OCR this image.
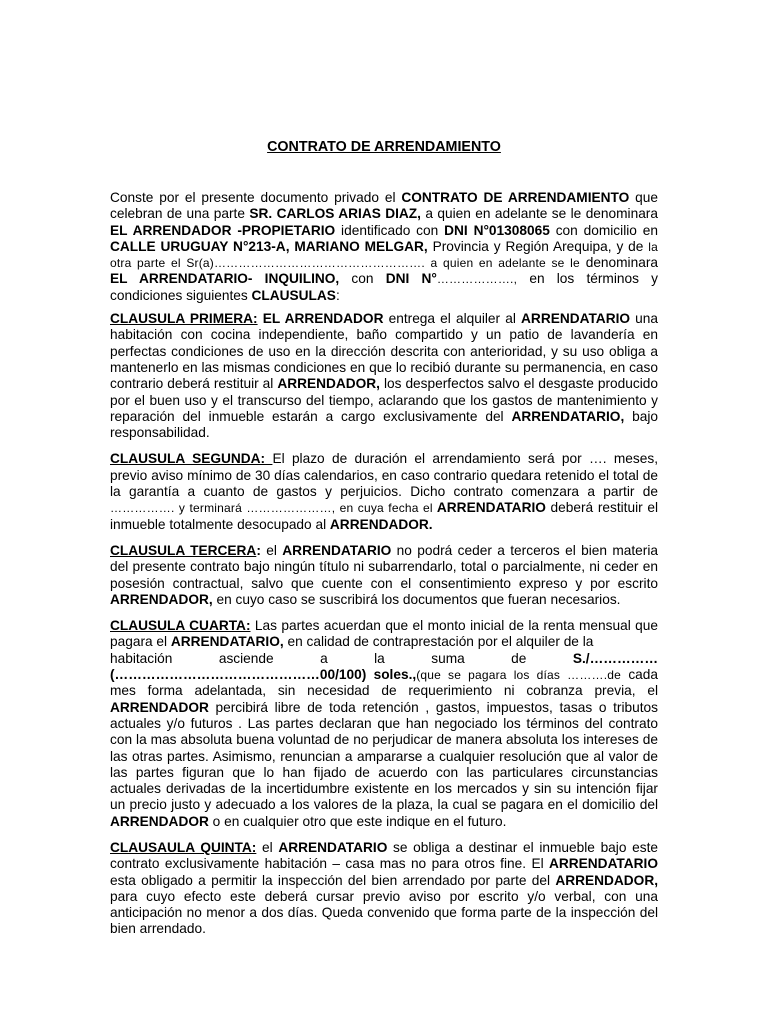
CONTRATO DE ARRENDAMIENTO

Conste por el presente documento privado el CONTRATO DE ARRENDAMIENTO que celebran de una parte SR. CARLOS ARIAS DIAZ, a quien en adelante se le denominara EL ARRENDADOR -PROPIETARIO identificado con DNI N°01308065 con domicilio en CALLE URUGUAY N°213-A, MARIANO MELGAR, Provincia y Región Arequipa, y de la otra parte el Sr(a)……………………………………………. a quien en adelante se le denominara EL ARRENDATARIO- INQUILINO, con DNI N°………………., en los términos y condiciones siguientes CLAUSULAS:

CLAUSULA PRIMERA: EL ARRENDADOR entrega el alquiler al ARRENDATARIO una habitación con cocina independiente, baño compartido y un patio de lavandería en perfectas condiciones de uso en la dirección descrita con anterioridad, y su uso obliga a mantenerlo en las mismas condiciones en que lo recibió durante su permanencia, en caso contrario deberá restituir al ARRENDADOR, los desperfectos salvo el desgaste producido por el buen uso y el transcurso del tiempo, aclarando que los gastos de mantenimiento y reparación del inmueble estarán a cargo exclusivamente del ARRENDATARIO, bajo responsabilidad.

CLAUSULA SEGUNDA: El plazo de duración el arrendamiento será por …. meses, previo aviso mínimo de 30 días calendarios, en caso contrario quedara retenido el total de la garantía a cuanto de gastos y perjuicios. Dicho contrato comenzara a partir de ……………. y terminará …………………, en cuya fecha el ARRENDATARIO deberá restituir el inmueble totalmente desocupado al ARRENDADOR.

CLAUSULA TERCERA: el ARRENDATARIO no podrá ceder a terceros el bien materia del presente contrato bajo ningún título ni subarrendarlo, total o parcialmente, ni ceder en posesión contractual, salvo que cuente con el consentimiento expreso y por escrito ARRENDADOR, en cuyo caso se suscribirá los documentos que fueran necesarios.

CLAUSULA CUARTA: Las partes acuerdan que el monto inicial de la renta mensual que pagara el ARRENDATARIO, en calidad de contraprestación por el alquiler de la
habitación	asciende	a	la	suma	de	S./……………
(………………………………………00/100) soles.,(que se pagara los días ……….de cada mes forma adelantada, sin necesidad de requerimiento ni cobranza previa, el ARRENDADOR percibirá libre de toda retención , gastos, impuestos, tasas o tributos actuales y/o futuros . Las partes declaran que han negociado los términos del contrato con la mas absoluta buena voluntad de no perjudicar de manera absoluta los intereses de las otras partes. Asimismo, renuncian a ampararse a cualquier resolución que al valor de las partes figuran que lo han fijado de acuerdo con las particulares circunstancias actuales derivadas de la incertidumbre existente en los mercados y sin su intención fijar un precio justo y adecuado a los valores de la plaza, la cual se pagara en el domicilio del ARRENDADOR o en cualquier otro que este indique en el futuro.

CLAUSAULA QUINTA: el ARRENDATARIO se obliga a destinar el inmueble bajo este contrato exclusivamente habitación – casa mas no para otros fine. El ARRENDATARIO esta obligado a permitir la inspección del bien arrendado por parte del ARRENDADOR, para cuyo efecto este deberá cursar previo aviso por escrito y/o verbal, con una anticipación no menor a dos días. Queda convenido que forma parte de la inspección del bien arrendado.
